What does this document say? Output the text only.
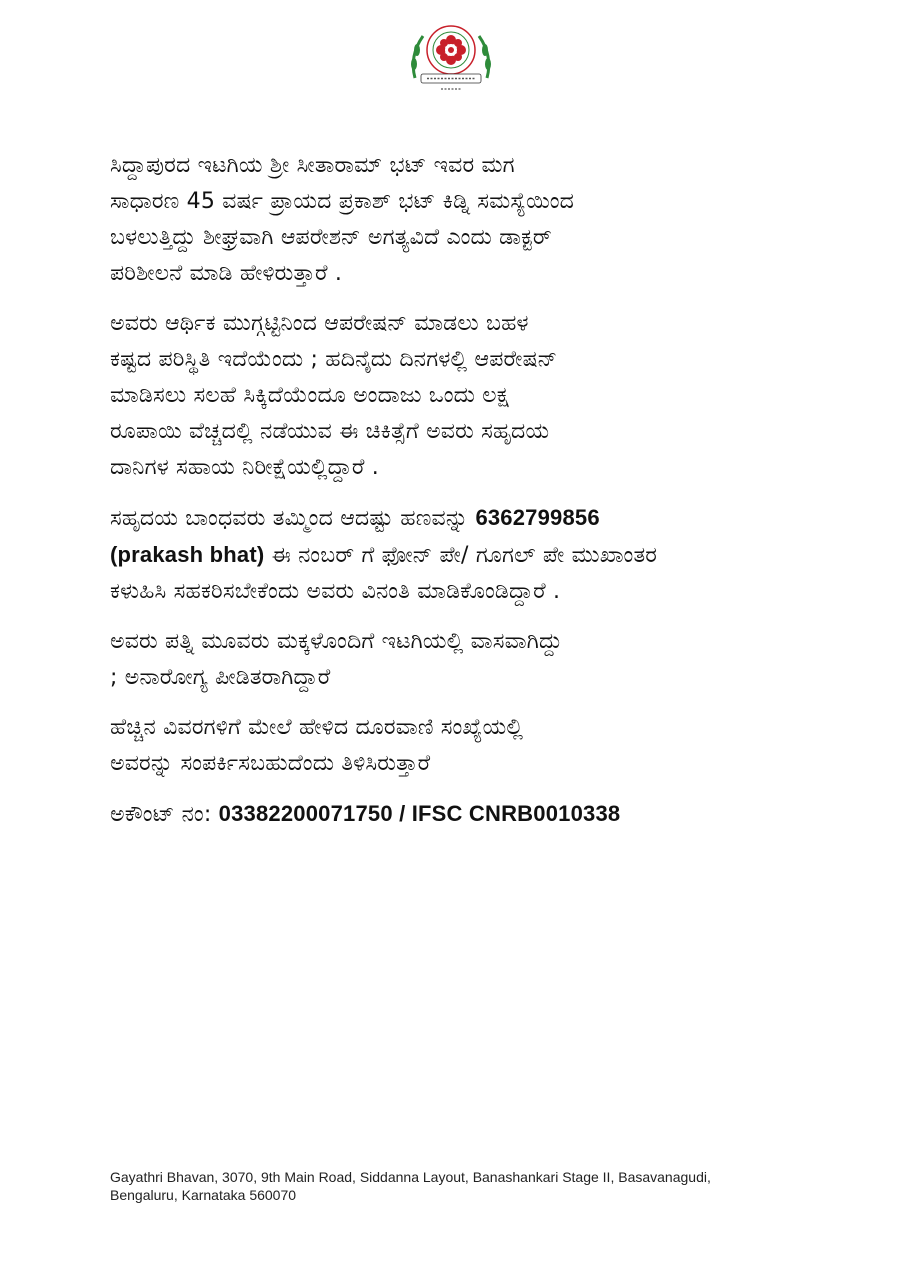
ಸಿದ್ದಾಪುರದ ಇಟಗಿಯ ಶ್ರೀ ಸೀತಾರಾಮ್ ಭಟ್ ಇವರ ಮಗ
ಸಾಧಾರಣ 45 ವರ್ಷ ಪ್ರಾಯದ ಪ್ರಕಾಶ್ ಭಟ್ ಕಿಡ್ನಿ ಸಮಸ್ಯೆಯಿಂದ
ಬಳಲುತ್ತಿದ್ದು ಶೀಘ್ರವಾಗಿ ಆಪರೇಶನ್ ಅಗತ್ಯವಿದೆ ಎಂದು ಡಾಕ್ಟರ್
ಪರಿಶೀಲನೆ ಮಾಡಿ ಹೇಳಿರುತ್ತಾರೆ .

ಅವರು ಆರ್ಥಿಕ ಮುಗ್ಗಟ್ಟಿನಿಂದ ಆಪರೇಷನ್ ಮಾಡಲು ಬಹಳ
ಕಷ್ಟದ ಪರಿಸ್ಥಿತಿ ಇದೆಯೆಂದು ; ಹದಿನೈದು ದಿನಗಳಲ್ಲಿ ಆಪರೇಷನ್
ಮಾಡಿಸಲು ಸಲಹೆ ಸಿಕ್ಕಿದೆಯೆಂದೂ ಅಂದಾಜು ಒಂದು ಲಕ್ಷ
ರೂಪಾಯಿ ವೆಚ್ಚದಲ್ಲಿ ನಡೆಯುವ ಈ ಚಿಕಿತ್ಸೆಗೆ ಅವರು ಸಹೃದಯ
ದಾನಿಗಳ ಸಹಾಯ ನಿರೀಕ್ಷೆಯಲ್ಲಿದ್ದಾರೆ .

ಸಹೃದಯ ಬಾಂಧವರು ತಮ್ಮಿಂದ ಆದಷ್ಟು ಹಣವನ್ನು 6362799856
(prakash bhat) ಈ ನಂಬರ್ ಗೆ ಫೋನ್ ಪೇ/ ಗೂಗಲ್ ಪೇ ಮುಖಾಂತರ
ಕಳುಹಿಸಿ ಸಹಕರಿಸಬೇಕೆಂದು ಅವರು ವಿನಂತಿ ಮಾಡಿಕೊಂಡಿದ್ದಾರೆ .

ಅವರು ಪತ್ನಿ ಮೂವರು ಮಕ್ಕಳೊಂದಿಗೆ ಇಟಗಿಯಲ್ಲಿ ವಾಸವಾಗಿದ್ದು
; ಅನಾರೋಗ್ಯ ಪೀಡಿತರಾಗಿದ್ದಾರೆ

ಹೆಚ್ಚಿನ ವಿವರಗಳಿಗೆ ಮೇಲೆ ಹೇಳಿದ ದೂರವಾಣಿ ಸಂಖ್ಯೆಯಲ್ಲಿ
ಅವರನ್ನು ಸಂಪರ್ಕಿಸಬಹುದೆಂದು ತಿಳಿಸಿರುತ್ತಾರೆ

ಅಕೌಂಟ್ ನಂ: 03382200071750 / IFSC CNRB0010338

Gayathri Bhavan, 3070, 9th Main Road, Siddanna Layout, Banashankari Stage II, Basavanagudi,
Bengaluru, Karnataka 560070
